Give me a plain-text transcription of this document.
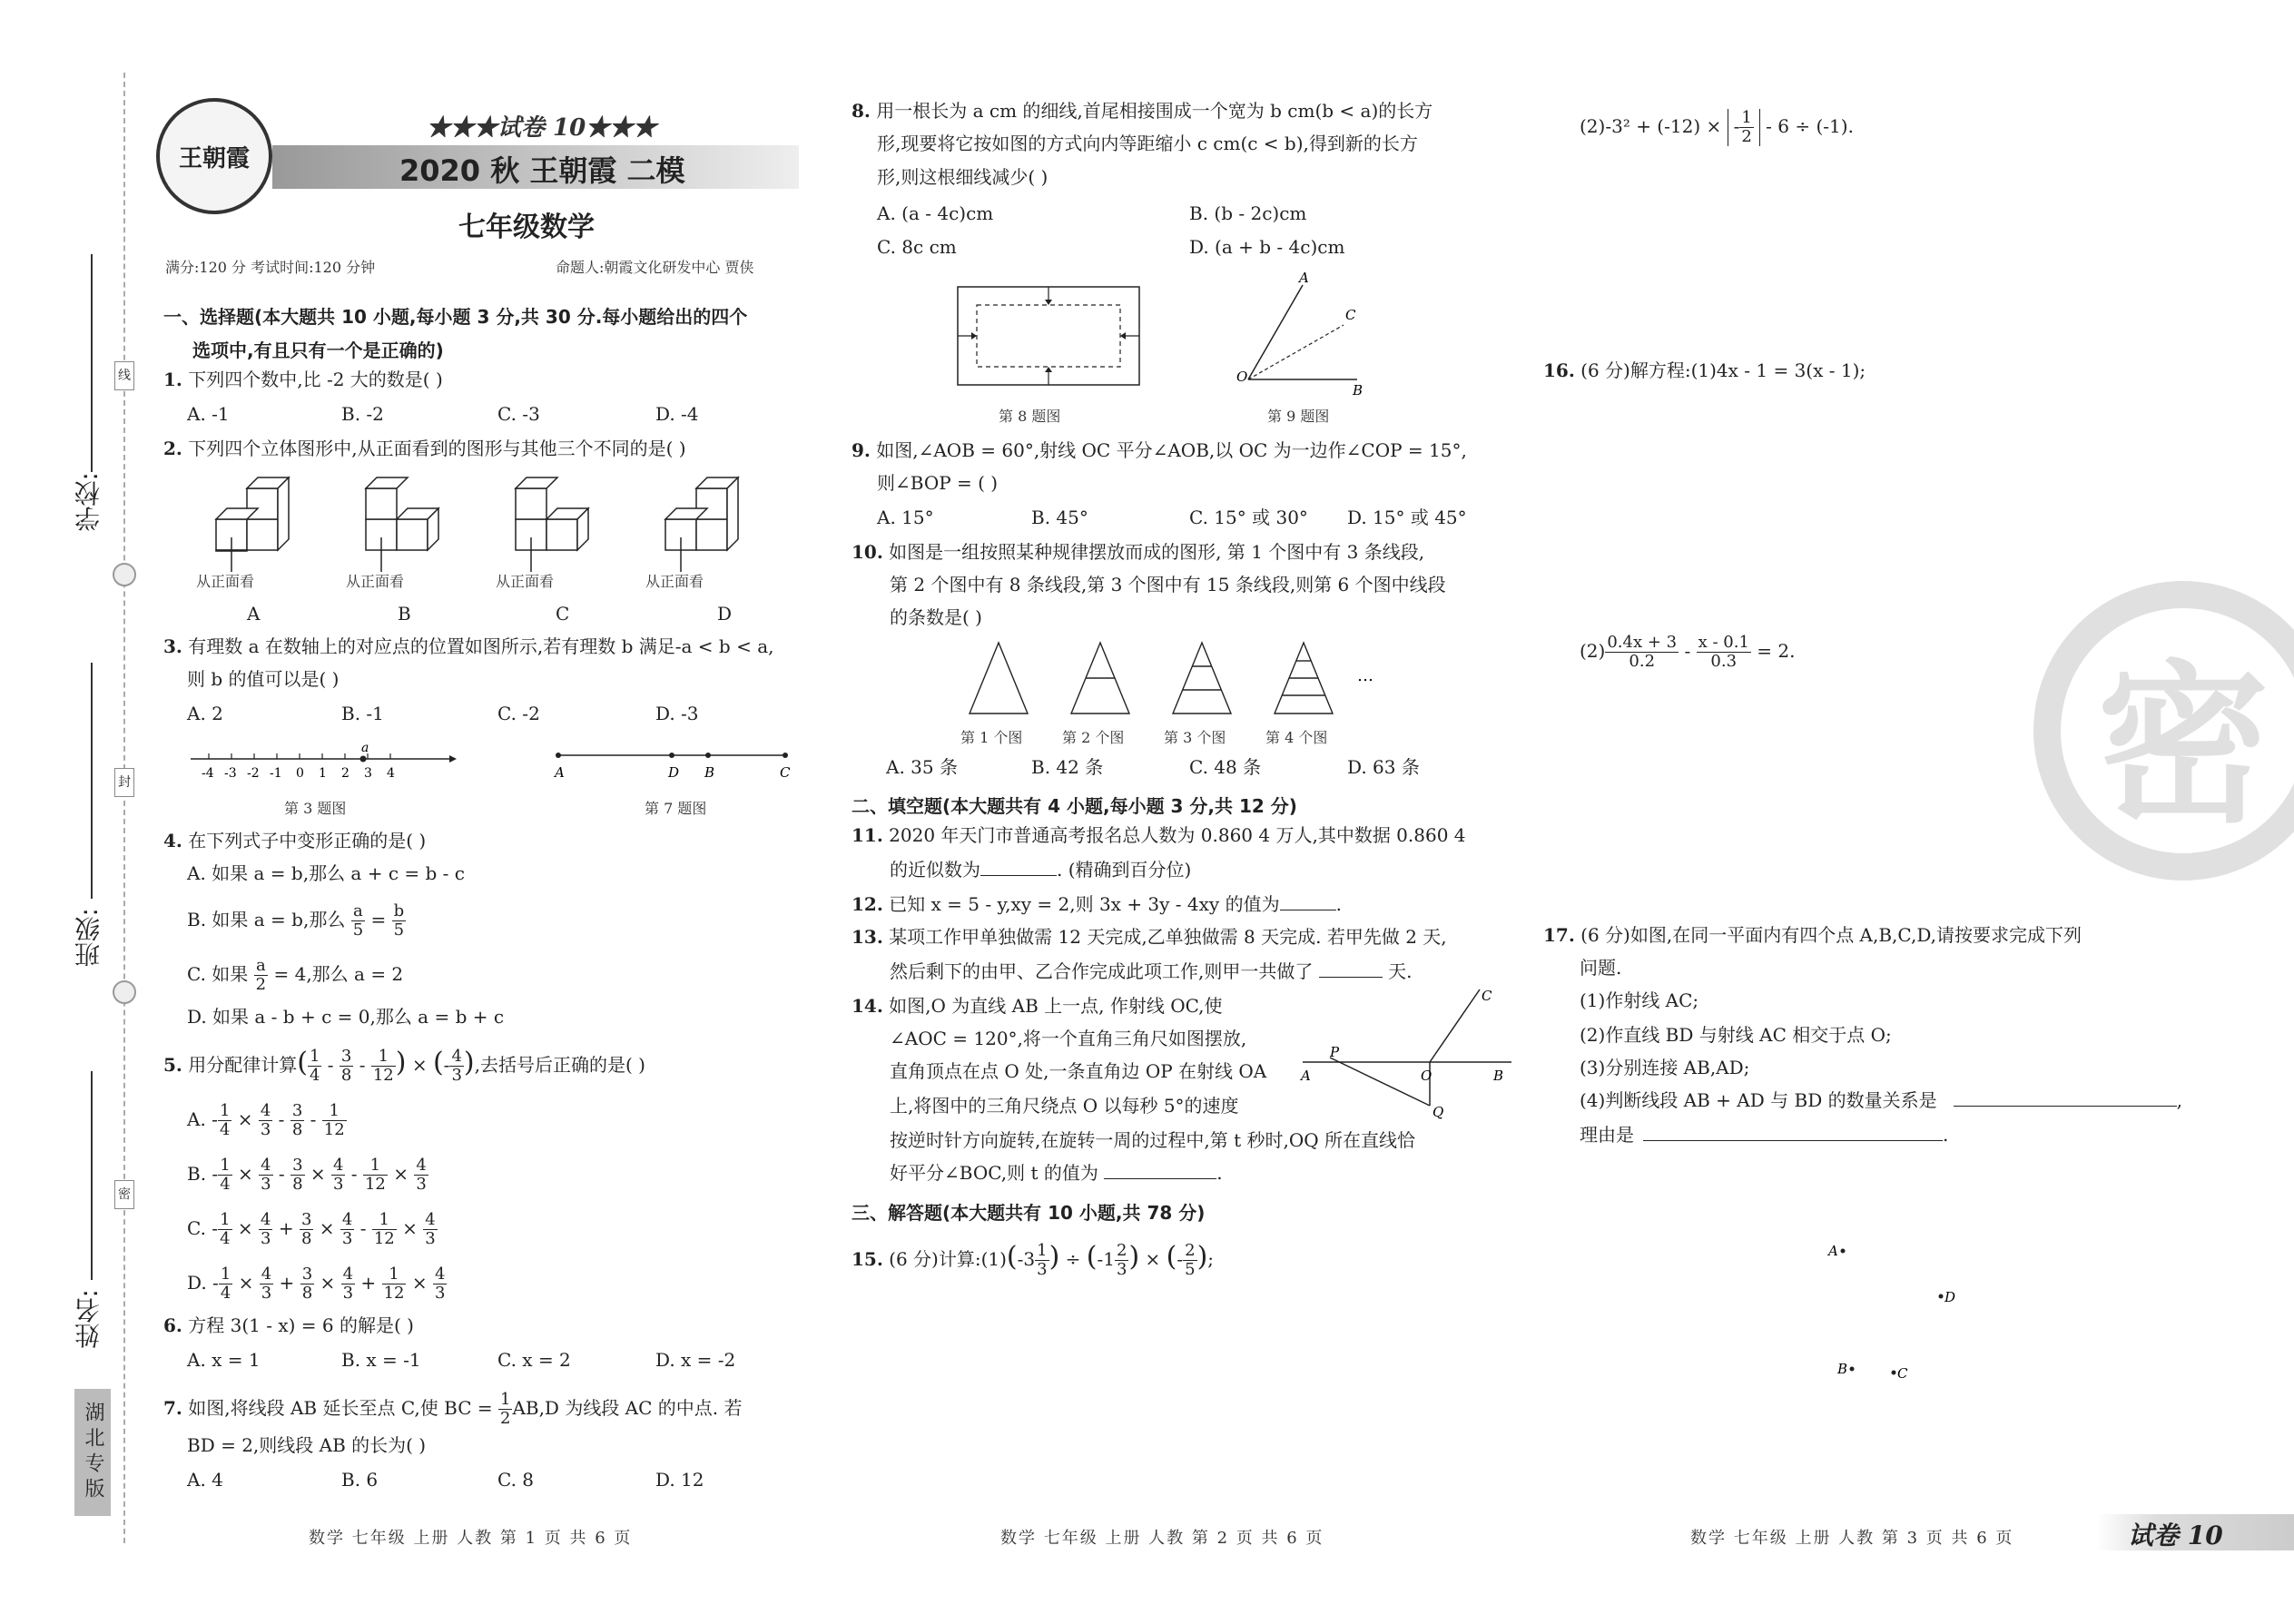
学校:
班级:
姓名:
线
封
密
湖北专版
王朝霞
★★★试卷 10★★★
2020 秋 王朝霞 二模
七年级数学
满分:120 分 考试时间:120 分钟	命题人:朝霞文化研发中心 贾侠
一、选择题(本大题共 10 小题,每小题 3 分,共 30 分.每小题给出的四个
选项中,有且只有一个是正确的)
1. 下列四个数中,比 -2 大的数是( )
A. -1	B. -2	C. -3	D. -4
2. 下列四个立体图形中,从正面看到的图形与其他三个不同的是( )
从正面看	从正面看	从正面看	从正面看
A	B	C	D
3. 有理数 a 在数轴上的对应点的位置如图所示,若有理数 b 满足-a < b < a,
则 b 的值可以是( )
A. 2	B. -1	C. -2	D. -3
-4 -3 -2 -1 0 1 2 3 4
a
A	D B	C
第 3 题图	第 7 题图
4. 在下列式子中变形正确的是( )
A. 如果 a = b,那么 a + c = b - c
B. 如果 a = b,那么 $\frac{a}{5} = \frac{b}{5}$
C. 如果 $\frac{a}{2} = 4$,那么 a = 2
D. 如果 a - b + c = 0,那么 a = b + c
5. 用分配律计算( $\frac{1}{4} - \frac{3}{8} - \frac{1}{12}$ ) × (- $\frac{4}{3}$ ),去括号后正确的是( )
A. - $\frac{1}{4} \times \frac{4}{3} - \frac{3}{8} - \frac{1}{12}$
B. - $\frac{1}{4} \times \frac{4}{3} - \frac{3}{8} \times \frac{4}{3} - \frac{1}{12} \times \frac{4}{3}$
C. - $\frac{1}{4} \times \frac{4}{3} + \frac{3}{8} \times \frac{4}{3} - \frac{1}{12} \times \frac{4}{3}$
D. - $\frac{1}{4} \times \frac{4}{3} + \frac{3}{8} \times \frac{4}{3} + \frac{1}{12} \times \frac{4}{3}$
6. 方程 3(1 - x) = 6 的解是( )
A. x = 1	B. x = -1	C. x = 2	D. x = -2
7. 如图,将线段 AB 延长至点 C,使 BC = $\frac{1}{2} AB,D$ 为线段 AC 的中点. 若
BD = 2,则线段 AB 的长为( )
A. 4	B. 6	C. 8	D. 12
8. 用一根长为 a cm 的细线,首尾相接围成一个宽为 b cm(b < a)的长方
形,现要将它按如图的方式向内等距缩小 c cm(c < b),得到新的长方
形,则这根细线减少( )
A. (a - 4c)cm	B. (b - 2c)cm
C. 8c cm	D. (a + b - 4c)cm
A
C
O
B
第 8 题图	第 9 题图
9. 如图,∠AOB = 60°,射线 OC 平分∠AOB,以 OC 为一边作∠COP = 15°,
则∠BOP = ( )
A. 15°	B. 45°	C. 15° 或 30° D. 15° 或 45°
10. 如图是一组按照某种规律摆放而成的图形, 第 1 个图中有 3 条线段,
第 2 个图中有 8 条线段,第 3 个图中有 15 条线段,则第 6 个图中线段
的条数是( )
…
第 1 个图	第 2 个图	第 3 个图	第 4 个图
A. 35 条	B. 42 条	C. 48 条	D. 63 条
二、填空题(本大题共有 4 小题,每小题 3 分,共 12 分)
11. 2020 年天门市普通高考报名总人数为 0.860 4 万人,其中数据 0.860 4
的近似数为	. (精确到百分位)
12. 已知 x = 5 - y,xy = 2,则 3x + 3y - 4xy 的值为	.
13. 某项工作甲单独做需 12 天完成,乙单独做需 8 天完成. 若甲先做 2 天,
然后剩下的由甲、乙合作完成此项工作,则甲一共做了	天.
14. 如图,O 为直线 AB 上一点, 作射线 OC,使
∠AOC = 120°,将一个直角三角尺如图摆放,
直角顶点在点 O 处,一条直角边 OP 在射线 OA
上,将图中的三角尺绕点 O 以每秒 5°的速度
按逆时针方向旋转,在旋转一周的过程中,第 t 秒时,OQ 所在直线恰
好平分∠BOC,则 t 的值为	.
C
P
A	O	B
Q
三、解答题(本大题共有 10 小题,共 78 分)
15. (6 分)计算:(1)(-3 $\frac{1}{3}$ ) ÷ ($-1 \frac{2}{3}$ ) × (- $\frac{2}{5}$ );
(2)-3² + (-12) × - $\frac{1}{2} - 6 \div (-1)$.
16. (6 分)解方程:(1)4x - 1 = 3(x - 1);
$(2) \frac{0.4x + 3}{0.2} - \frac{x - 0.1}{0.3} = 2$.
17. (6 分)如图,在同一平面内有四个点 A,B,C,D,请按要求完成下列
问题.
(1)作射线 AC;
(2)作直线 BD 与射线 AC 相交于点 O;
(3)分别连接 AB,AD;
(4)判断线段 AB + AD 与 BD 的数量关系是	,
理由是	.
A
D
B	C
密
数学 七年级 上册 人教 第 1 页 共 6 页	数学 七年级 上册 人教 第 2 页 共 6 页	数学 七年级 上册 人教 第 3 页 共 6 页	试卷 10
